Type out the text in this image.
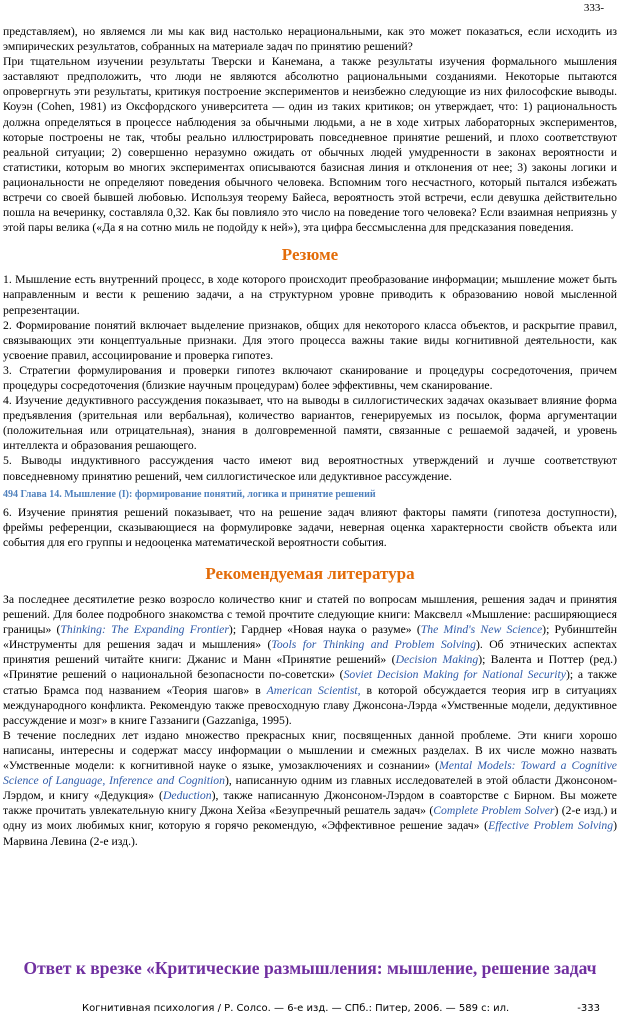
333-

представляем), но являемся ли мы как вид настолько нерациональными, как это может показаться, если исходить из эмпирических результатов, собранных на материале задач по принятию решений?

При тщательном изучении результаты Тверски и Канемана, а также результаты изучения формального мышления заставляют предположить, что люди не являются абсолютно рациональными созданиями. Некоторые пытаются опровергнуть эти результаты, критикуя построение экспериментов и неизбежно следующие из них философские выводы. Коуэн (Cohen, 1981) из Оксфордского университета — один из таких критиков; он утверждает, что: 1) рациональность должна определяться в процессе наблюдения за обычными людьми, а не в ходе хитрых лабораторных экспериментов, которые построены не так, чтобы реально иллюстрировать повседневное принятие решений, и плохо соответствуют реальной ситуации; 2) совершенно неразумно ожидать от обычных людей умудренности в законах вероятности и статистики, которым во многих экспериментах описываются базисная линия и отклонения от нее; 3) законы логики и рациональности не определяют поведения обычного человека. Вспомним того несчастного, который пытался избежать встречи со своей бывшей любовью. Используя теорему Байеса, вероятность этой встречи, если девушка действительно пошла на вечеринку, составляла 0,32. Как бы повлияло это число на поведение того человека? Если взаимная неприязнь у этой пары велика («Да я на сотню миль не подойду к ней»), эта цифра бессмысленна для предсказания поведения.

Резюме

1. Мышление есть внутренний процесс, в ходе которого происходит преобразование информации; мышление может быть направленным и вести к решению задачи, а на структурном уровне приводить к образованию новой мысленной репрезентации.

2. Формирование понятий включает выделение признаков, общих для некоторого класса объектов, и раскрытие правил, связывающих эти концептуальные признаки. Для этого процесса важны такие виды когнитивной деятельности, как усвоение правил, ассоциирование и проверка гипотез.

3. Стратегии формулирования и проверки гипотез включают сканирование и процедуры сосредоточения, причем процедуры сосредоточения (близкие научным процедурам) более эффективны, чем сканирование.

4. Изучение дедуктивного рассуждения показывает, что на выводы в силлогистических задачах оказывает влияние форма предъявления (зрительная или вербальная), количество вариантов, генерируемых из посылок, форма аргументации (положительная или отрицательная), знания в долговременной памяти, связанные с решаемой задачей, и уровень интеллекта и образования решающего.

5. Выводы индуктивного рассуждения часто имеют вид вероятностных утверждений и лучше соответствуют повседневному принятию решений, чем силлогистическое или дедуктивное рассуждение.

494 Глава 14. Мышление (I): формирование понятий, логика и принятие решений

6. Изучение принятия решений показывает, что на решение задач влияют факторы памяти (гипотеза доступности), фреймы референции, сказывающиеся на формулировке задачи, неверная оценка характерности свойств объекта или события для его группы и недооценка математической вероятности события.

Рекомендуемая литература

За последнее десятилетие резко возросло количество книг и статей по вопросам мышления, решения задач и принятия решений. Для более подробного знакомства с темой прочтите следующие книги: Максвелл «Мышление: расширяющиеся границы» (Thinking: The Expanding Frontier); Гарднер «Новая наука о разуме» (The Mind's New Science); Рубинштейн «Инструменты для решения задач и мышления» (Tools for Thinking and Problem Solving). Об этнических аспектах принятия решений читайте книги: Джанис и Манн «Принятие решений» (Decision Making); Валента и Поттер (ред.) «Принятие решений о национальной безопасности по-советски» (Soviet Decision Making for National Security); а также статью Брамса под названием «Теория шагов» в American Scientist, в которой обсуждается теория игр в ситуациях международного конфликта. Рекомендую также превосходную главу Джонсона-Лэрда «Умственные модели, дедуктивное рассуждение и мозг» в книге Газзаниги (Gazzaniga, 1995).

В течение последних лет издано множество прекрасных книг, посвященных данной проблеме. Эти книги хорошо написаны, интересны и содержат массу информации о мышлении и смежных разделах. В их числе можно назвать «Умственные модели: к когнитивной науке о языке, умозаключениях и сознании» (Mental Models: Toward a Cognitive Science of Language, Inference and Cognition), написанную одним из главных исследователей в этой области Джонсоном-Лэрдом, и книгу «Дедукция» (Deduction), также написанную Джонсоном-Лэрдом в соавторстве с Бирном. Вы можете также прочитать увлекательную книгу Джона Хейза «Безупречный решатель задач» (Complete Problem Solver) (2-е изд.) и одну из моих любимых книг, которую я горячо рекомендую, «Эффективное решение задач» (Effective Problem Solving) Марвина Левина (2-е изд.).

Ответ к врезке «Критические размышления: мышление, решение задач
Когнитивная психология / Р. Солсо. — 6-е изд. — СПб.: Питер, 2006. — 589 с: ил.	-333
